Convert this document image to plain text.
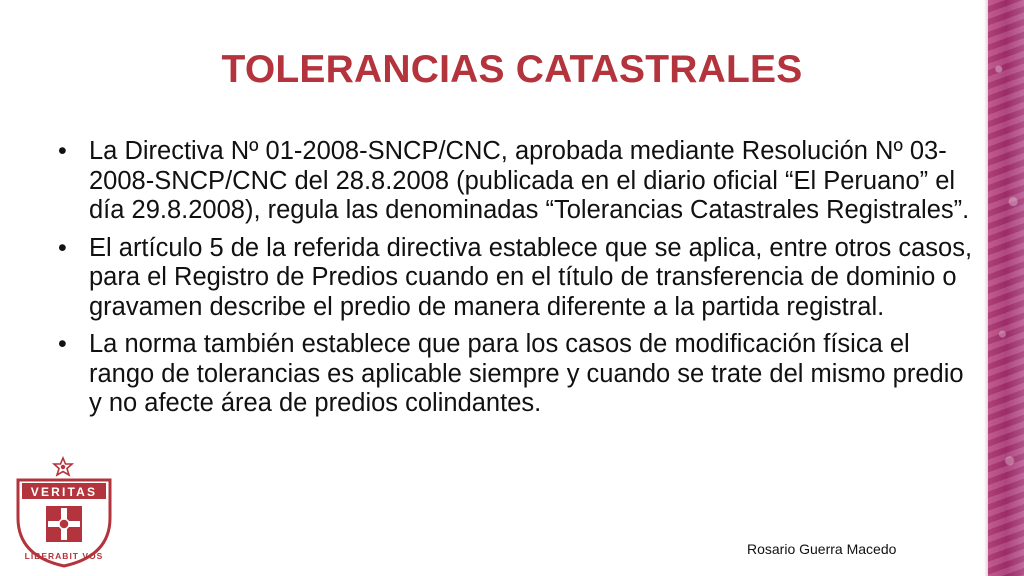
TOLERANCIAS CATASTRALES
• La Directiva Nº 01-2008-SNCP/CNC, aprobada mediante Resolución Nº 03-2008-SNCP/CNC del 28.8.2008 (publicada en el diario oficial “El Peruano” el día 29.8.2008), regula las denominadas “Tolerancias Catastrales Registrales”.
• El artículo 5 de la referida directiva establece que se aplica, entre otros casos, para el Registro de Predios cuando en el título de transferencia de dominio o gravamen describe el predio de manera diferente a la partida registral.
• La norma también establece que para los casos de modificación física el rango de tolerancias es aplicable siempre y cuando se trate del mismo predio y no afecte área de predios colindantes.
VERITAS
LIBERABIT VOS	Rosario Guerra Macedo
